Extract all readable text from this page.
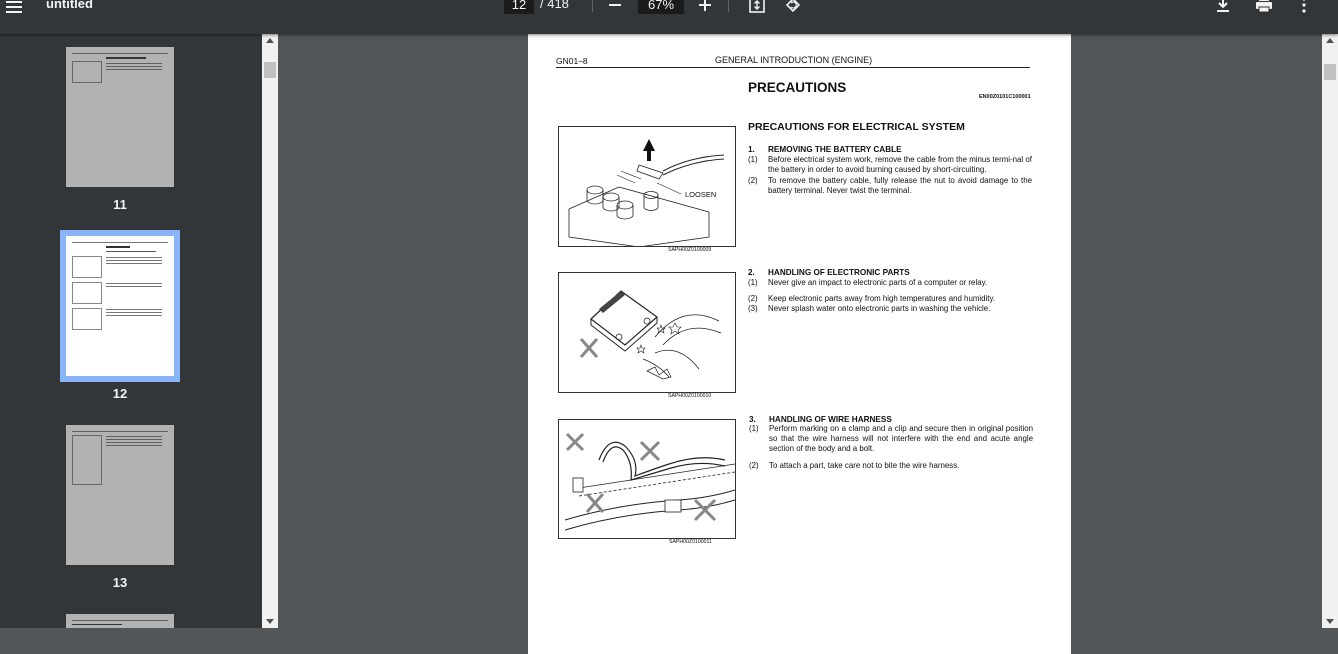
untitled	12	/ 418	67%
11
12
13
GN01–8	GENERAL INTRODUCTION (ENGINE)
PRECAUTIONS
EN00Z0101C100001
PRECAUTIONS FOR ELECTRICAL SYSTEM
LOOSEN
SAPH00Z0100009
1. REMOVING THE BATTERY CABLE
(1) Before electrical system work, remove the cable from the minus termi-nal of the battery in order to avoid burning caused by short-circuiting.
(2) To remove the battery cable, fully release the nut to avoid damage to the battery terminal. Never twist the terminal.
SAPH00Z0100010
2. HANDLING OF ELECTRONIC PARTS
(1) Never give an impact to electronic parts of a computer or relay.
(2) Keep electronic parts away from high temperatures and humidity.
(3) Never splash water onto electronic parts in washing the vehicle.
SAPH00Z0100011
3. HANDLING OF WIRE HARNESS
(1) Perform marking on a clamp and a clip and secure then in original position so that the wire harness will not interfere with the end and acute angle section of the body and a bolt.
(2) To attach a part, take care not to bite the wire harness.
